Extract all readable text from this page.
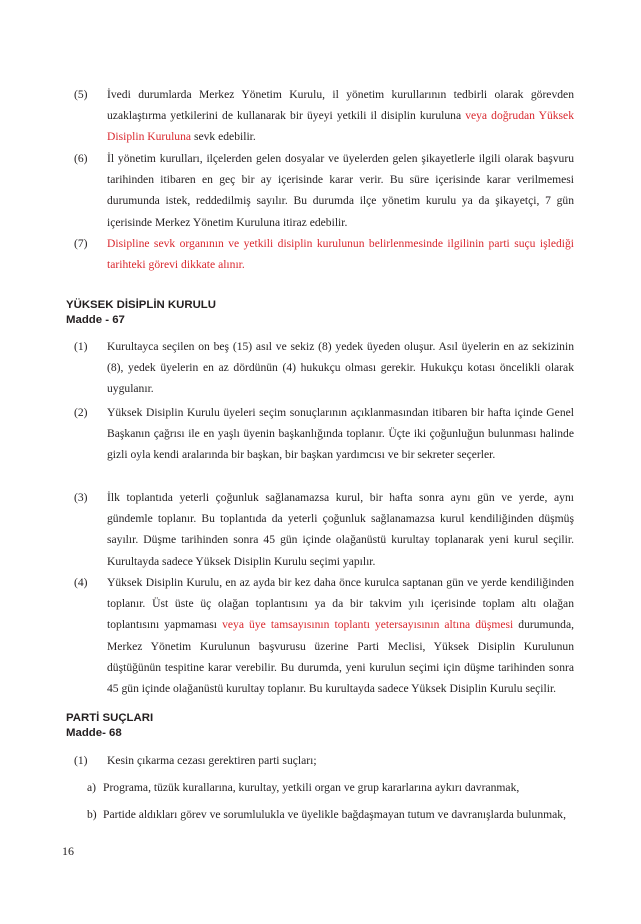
(5)	İvedi durumlarda Merkez Yönetim Kurulu, il yönetim kurullarının tedbirli olarak görevden uzaklaştırma yetkilerini de kullanarak bir üyeyi yetkili il disiplin kuruluna veya doğrudan Yüksek Disiplin Kuruluna sevk edebilir.
(6)	İl yönetim kurulları, ilçelerden gelen dosyalar ve üyelerden gelen şikayetlerle ilgili olarak başvuru tarihinden itibaren en geç bir ay içerisinde karar verir. Bu süre içerisinde karar verilmemesi durumunda istek, reddedilmiş sayılır. Bu durumda ilçe yönetim kurulu ya da şikayetçi, 7 gün içerisinde Merkez Yönetim Kuruluna itiraz edebilir.
(7)	Disipline sevk organının ve yetkili disiplin kurulunun belirlenmesinde ilgilinin parti suçu işlediği tarihteki görevi dikkate alınır.
YÜKSEK DİSİPLİN KURULU
Madde - 67
(1)	Kurultayca seçilen on beş (15) asıl ve sekiz (8) yedek üyeden oluşur. Asıl üyelerin en az sekizinin (8), yedek üyelerin en az dördünün (4) hukukçu olması gerekir. Hukukçu kotası öncelikli olarak uygulanır.
(2)	Yüksek Disiplin Kurulu üyeleri seçim sonuçlarının açıklanmasından itibaren bir hafta içinde Genel Başkanın çağrısı ile en yaşlı üyenin başkanlığında toplanır. Üçte iki çoğunluğun bulunması halinde gizli oyla kendi aralarında bir başkan, bir başkan yardımcısı ve bir sekreter seçerler.
(3)	İlk toplantıda yeterli çoğunluk sağlanamazsa kurul, bir hafta sonra aynı gün ve yerde, aynı gündemle toplanır. Bu toplantıda da yeterli çoğunluk sağlanamazsa kurul kendiliğinden düşmüş sayılır. Düşme tarihinden sonra 45 gün içinde olağanüstü kurultay toplanarak yeni kurul seçilir. Kurultayda sadece Yüksek Disiplin Kurulu seçimi yapılır.
(4)	Yüksek Disiplin Kurulu, en az ayda bir kez daha önce kurulca saptanan gün ve yerde kendiliğinden toplanır. Üst üste üç olağan toplantısını ya da bir takvim yılı içerisinde toplam altı olağan toplantısını yapmaması veya üye tamsayısının toplantı yetersayısının altına düşmesi durumunda, Merkez Yönetim Kurulunun başvurusu üzerine Parti Meclisi, Yüksek Disiplin Kurulunun düştüğünün tespitine karar verebilir. Bu durumda, yeni kurulun seçimi için düşme tarihinden sonra 45 gün içinde olağanüstü kurultay toplanır. Bu kurultayda sadece Yüksek Disiplin Kurulu seçilir.
PARTİ SUÇLARI
Madde- 68
(1)	Kesin çıkarma cezası gerektiren parti suçları;
a) Programa, tüzük kurallarına, kurultay, yetkili organ ve grup kararlarına aykırı davranmak,
b) Partide aldıkları görev ve sorumlulukla ve üyelikle bağdaşmayan tutum ve davranışlarda bulunmak,
16
